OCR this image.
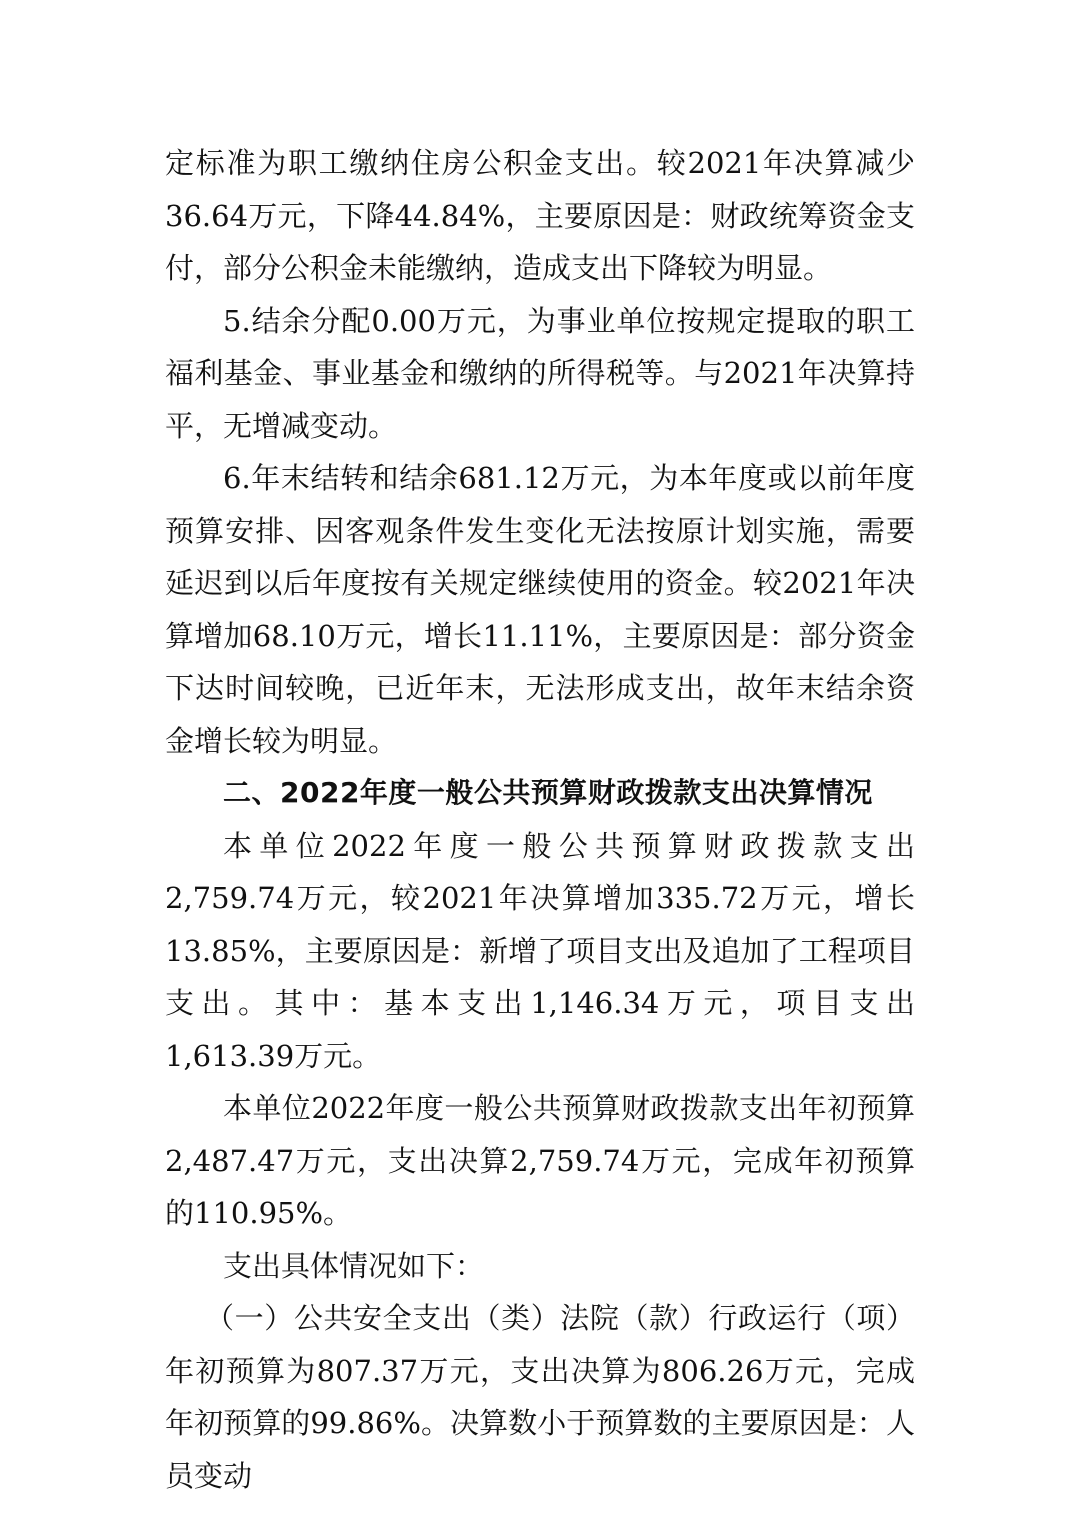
定标准为职工缴纳住房公积金支出。较2021年决算减少36.64万元，下降44.84%，主要原因是：财政统筹资金支付，部分公积金未能缴纳，造成支出下降较为明显。

5.结余分配0.00万元，为事业单位按规定提取的职工福利基金、事业基金和缴纳的所得税等。与2021年决算持平，无增减变动。

6.年末结转和结余681.12万元，为本年度或以前年度预算安排、因客观条件发生变化无法按原计划实施，需要延迟到以后年度按有关规定继续使用的资金。较2021年决算增加68.10万元，增长11.11%，主要原因是：部分资金下达时间较晚，已近年末，无法形成支出，故年末结余资金增长较为明显。

二、2022年度一般公共预算财政拨款支出决算情况

本单位2022年度一般公共预算财政拨款支出2,759.74万元，较2021年决算增加335.72万元，增长13.85%，主要原因是：新增了项目支出及追加了工程项目支出。其中：基本支出1,146.34万元，项目支出1,613.39万元。

本单位2022年度一般公共预算财政拨款支出年初预算2,487.47万元，支出决算2,759.74万元，完成年初预算的110.95%。

支出具体情况如下：

（一）公共安全支出（类）法院（款）行政运行（项）年初预算为807.37万元，支出决算为806.26万元，完成年初预算的99.86%。决算数小于预算数的主要原因是：人员变动
